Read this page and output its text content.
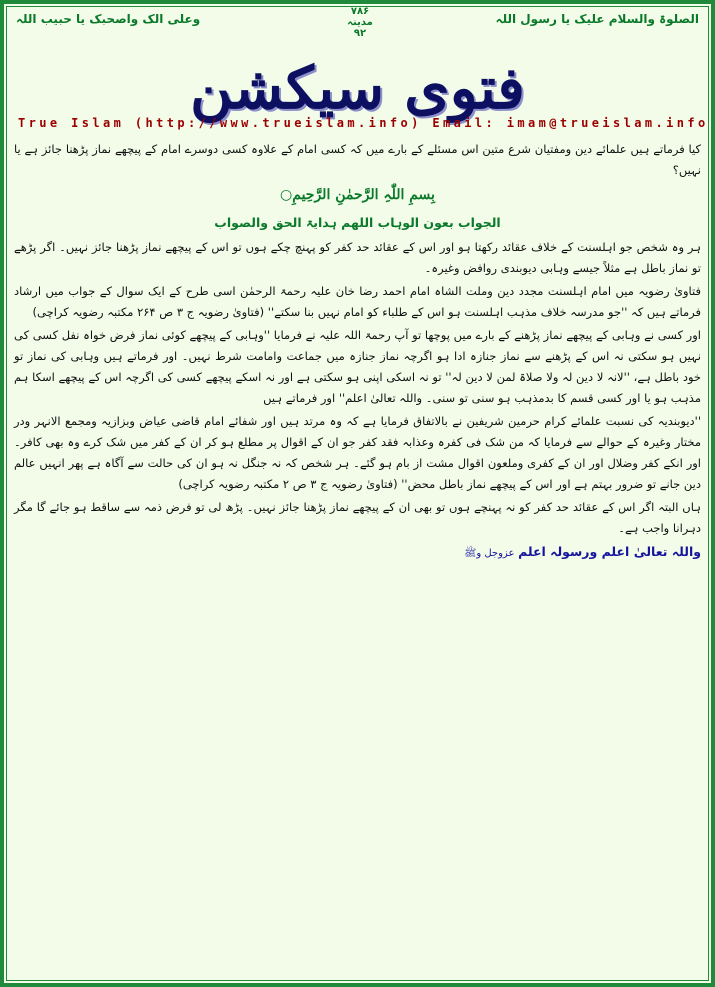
الصلوۃ والسلام علیک یا رسول اللہ
۷۸۶
مدینہ
۹۲
وعلی الک واصحبک یا حبیب اللہ
فتوی سیکشن
True Islam (http://www.trueislam.info) Email: imam@trueislam.info

کیا فرماتے ہیں علمائے دین ومفتیان شرع متین اس مسئلے کے بارے میں کہ کسی امام کے علاوہ کسی دوسرے امام کے پیچھے نماز پڑھنا جائز ہے یا نہیں؟

بِسمِ اللّٰہِ الرَّحمٰنِ الرَّحِیمِ○

الجواب بعون الوہاب اللھم ہدایۃ الحق والصواب

ہر وہ شخص جو اہلسنت کے خلاف عقائد رکھتا ہو اور اس کے عقائد حد کفر کو پہنچ چکے ہوں تو اس کے پیچھے نماز پڑھنا جائز نہیں۔ اگر پڑھے تو نماز باطل ہے مثلاً جیسے وہابی دیوبندی روافض وغیرہ۔

فتاویٰ رضویہ میں امام اہلسنت مجدد دین وملت الشاہ امام احمد رضا خان علیہ رحمۃ الرحمٰن اسی طرح کے ایک سوال کے جواب میں ارشاد فرماتے ہیں کہ ''جو مدرسہ خلاف مذہب اہلسنت ہو اس کے طلباء کو امام نہیں بنا سکتے'' (فتاویٰ رضویہ ج ۳ ص ۲۶۴ مکتبہ رضویہ کراچی)

اور کسی نے وہابی کے پیچھے نماز پڑھنے کے بارے میں پوچھا تو آپ رحمۃ اللہ علیہ نے فرمایا ''وہابی کے پیچھے کوئی نماز فرض خواہ نفل کسی کی نہیں ہو سکتی نہ اس کے پڑھنے سے نماز جنازہ ادا ہو اگرچہ نماز جنازہ میں جماعت وامامت شرط نہیں۔ اور فرماتے ہیں وہابی کی نماز تو خود باطل ہے، ''لانہ لا دین لہ ولا صلاۃ لمن لا دین لہ'' تو نہ اسکی اپنی ہو سکتی ہے اور نہ اسکے پیچھے کسی کی اگرچہ اس کے پیچھے اسکا ہم مذہب ہو یا اور کسی قسم کا بدمذہب ہو سنی تو سنی۔ واللہ تعالیٰ اعلم'' اور فرماتے ہیں

''دیوبندیہ کی نسبت علمائے کرام حرمین شریفین نے بالاتفاق فرمایا ہے کہ وہ مرتد ہیں اور شفائے امام قاضی عیاض وبزازیہ ومجمع الانہر ودر مختار وغیرہ کے حوالے سے فرمایا کہ من شک فی کفرہ وعذابہ فقد کفر جو ان کے اقوال پر مطلع ہو کر ان کے کفر میں شک کرے وہ بھی کافر۔ اور انکے کفر وضلال اور ان کے کفری وملعون اقوال مشت از بام ہو گئے۔ ہر شخص کہ نہ جنگل نہ ہو ان کی حالت سے آگاہ ہے پھر انہیں عالم دین جانے تو ضرور بہتم ہے اور اس کے پیچھے نماز باطل محض'' (فتاویٰ رضویہ ج ۳ ص ۲ مکتبہ رضویہ کراچی)

ہاں البتہ اگر اس کے عقائد حد کفر کو نہ پہنچے ہوں تو بھی ان کے پیچھے نماز پڑھنا جائز نہیں۔ پڑھ لی تو فرض ذمہ سے ساقط ہو جائے گا مگر دہرانا واجب ہے۔

واللہ تعالیٰ اعلم ورسولہ اعلم عزوجل وﷺ
